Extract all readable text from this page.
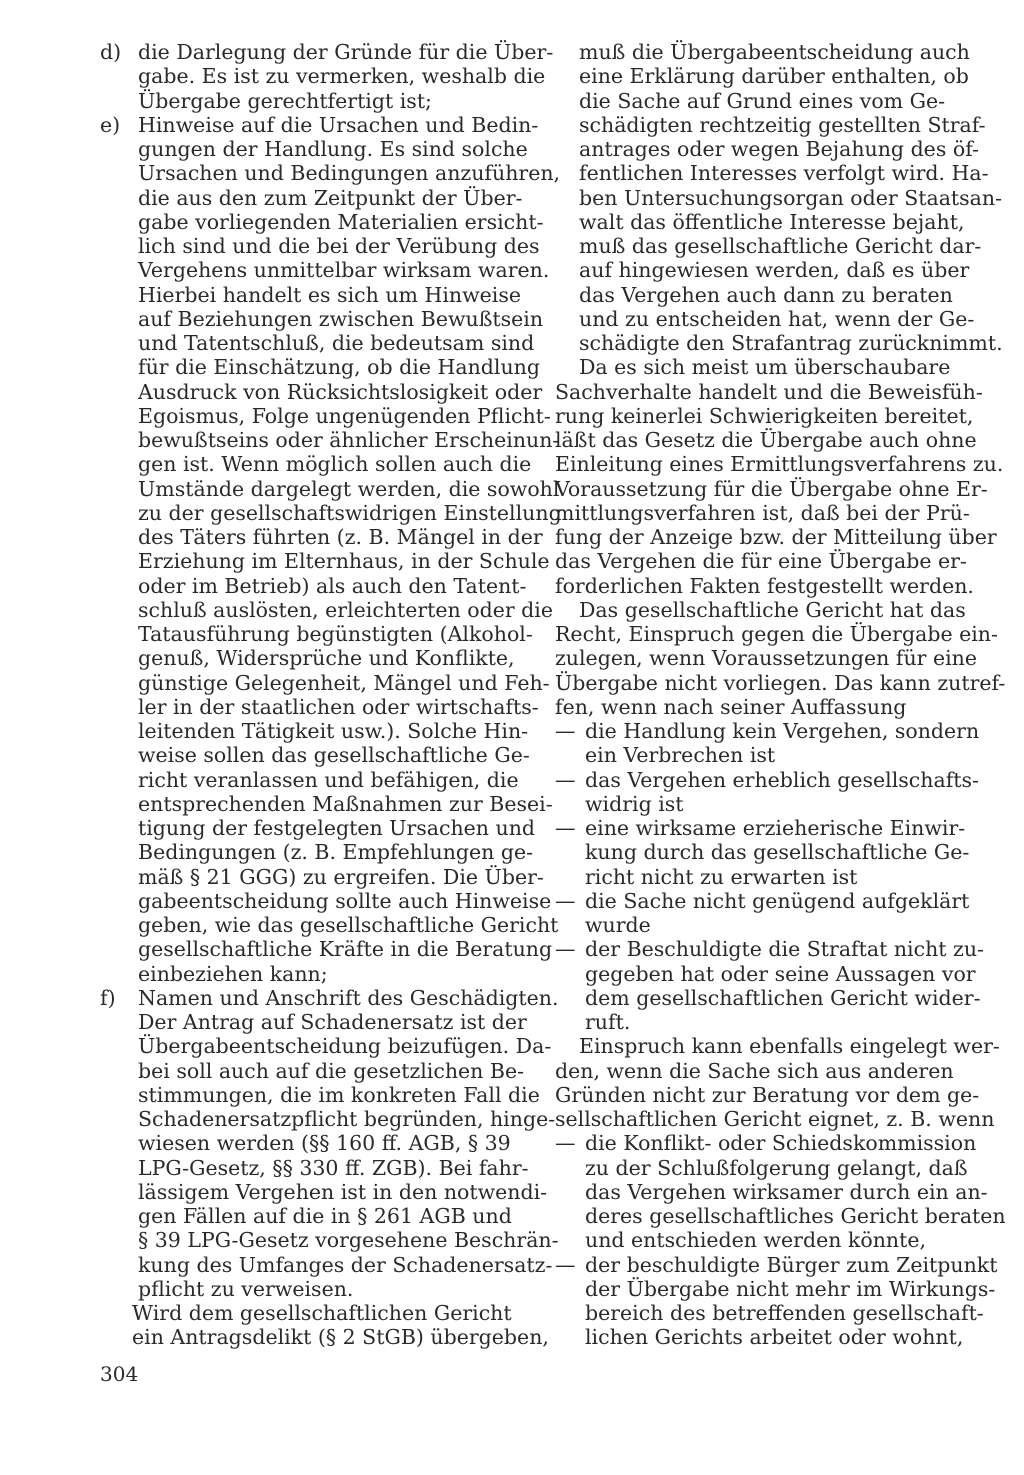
d) die Darlegung der Gründe für die Über-
gabe. Es ist zu vermerken, weshalb die
Übergabe gerechtfertigt ist;
e) Hinweise auf die Ursachen und Bedin-
gungen der Handlung. Es sind solche
Ursachen und Bedingungen anzuführen,
die aus den zum Zeitpunkt der Über-
gabe vorliegenden Materialien ersicht-
lich sind und die bei der Verübung des
Vergehens unmittelbar wirksam waren.
Hierbei handelt es sich um Hinweise
auf Beziehungen zwischen Bewußtsein
und Tatentschluß, die bedeutsam sind
für die Einschätzung, ob die Handlung
Ausdruck von Rücksichtslosigkeit oder
Egoismus, Folge ungenügenden Pflicht-
bewußtseins oder ähnlicher Erscheinun-
gen ist. Wenn möglich sollen auch die
Umstände dargelegt werden, die sowohl
zu der gesellschaftswidrigen Einstellung
des Täters führten (z. B. Mängel in der
Erziehung im Elternhaus, in der Schule
oder im Betrieb) als auch den Tatent-
schluß auslösten, erleichterten oder die
Tatausführung begünstigten (Alkohol-
genuß, Widersprüche und Konflikte,
günstige Gelegenheit, Mängel und Feh-
ler in der staatlichen oder wirtschafts-
leitenden Tätigkeit usw.). Solche Hin-
weise sollen das gesellschaftliche Ge-
richt veranlassen und befähigen, die
entsprechenden Maßnahmen zur Besei-
tigung der festgelegten Ursachen und
Bedingungen (z. B. Empfehlungen ge-
mäß § 21 GGG) zu ergreifen. Die Über-
gabeentscheidung sollte auch Hinweise
geben, wie das gesellschaftliche Gericht
gesellschaftliche Kräfte in die Beratung
einbeziehen kann;
f)	Namen und Anschrift des Geschädigten.
Der Antrag auf Schadenersatz ist der
Übergabeentscheidung beizufügen. Da-
bei soll auch auf die gesetzlichen Be-
stimmungen, die im konkreten Fall die
Schadenersatzpflicht begründen, hinge-
wiesen werden (§§ 160 ff. AGB, § 39
LPG-Gesetz, §§ 330 ff. ZGB). Bei fahr-
lässigem Vergehen ist in den notwendi-
gen Fällen auf die in § 261 AGB und
§ 39 LPG-Gesetz vorgesehene Beschrän-
kung des Umfanges der Schadenersatz-
pflicht zu verweisen.
Wird dem gesellschaftlichen Gericht
ein Antragsdelikt (§ 2 StGB) übergeben,
muß die Übergabeentscheidung auch
eine Erklärung darüber enthalten, ob
die Sache auf Grund eines vom Ge-
schädigten rechtzeitig gestellten Straf-
antrages oder wegen Bejahung des öf-
fentlichen Interesses verfolgt wird. Ha-
ben Untersuchungsorgan oder Staatsan-
walt das öffentliche Interesse bejaht,
muß das gesellschaftliche Gericht dar-
auf hingewiesen werden, daß es über
das Vergehen auch dann zu beraten
und zu entscheiden hat, wenn der Ge-
schädigte den Strafantrag zurücknimmt.
Da es sich meist um überschaubare
Sachverhalte handelt und die Beweisfüh-
rung keinerlei Schwierigkeiten bereitet,
läßt das Gesetz die Übergabe auch ohne
Einleitung eines Ermittlungsverfahrens zu.
Voraussetzung für die Übergabe ohne Er-
mittlungsverfahren ist, daß bei der Prü-
fung der Anzeige bzw. der Mitteilung über
das Vergehen die für eine Übergabe er-
forderlichen Fakten festgestellt werden.
Das gesellschaftliche Gericht hat das
Recht, Einspruch gegen die Übergabe ein-
zulegen, wenn Voraussetzungen für eine
Übergabe nicht vorliegen. Das kann zutref-
fen, wenn nach seiner Auffassung
— die Handlung kein Vergehen, sondern
ein Verbrechen ist
— das Vergehen erheblich gesellschafts-
widrig ist
— eine wirksame erzieherische Einwir-
kung durch das gesellschaftliche Ge-
richt nicht zu erwarten ist
— die Sache nicht genügend aufgeklärt
wurde
— der Beschuldigte die Straftat nicht zu-
gegeben hat oder seine Aussagen vor
dem gesellschaftlichen Gericht wider-
ruft.
Einspruch kann ebenfalls eingelegt wer-
den, wenn die Sache sich aus anderen
Gründen nicht zur Beratung vor dem ge-
sellschaftlichen Gericht eignet, z. B. wenn
— die Konflikt- oder Schiedskommission
zu der Schlußfolgerung gelangt, daß
das Vergehen wirksamer durch ein an-
deres gesellschaftliches Gericht beraten
und entschieden werden könnte,
— der beschuldigte Bürger zum Zeitpunkt
der Übergabe nicht mehr im Wirkungs-
bereich des betreffenden gesellschaft-
lichen Gerichts arbeitet oder wohnt,
304
